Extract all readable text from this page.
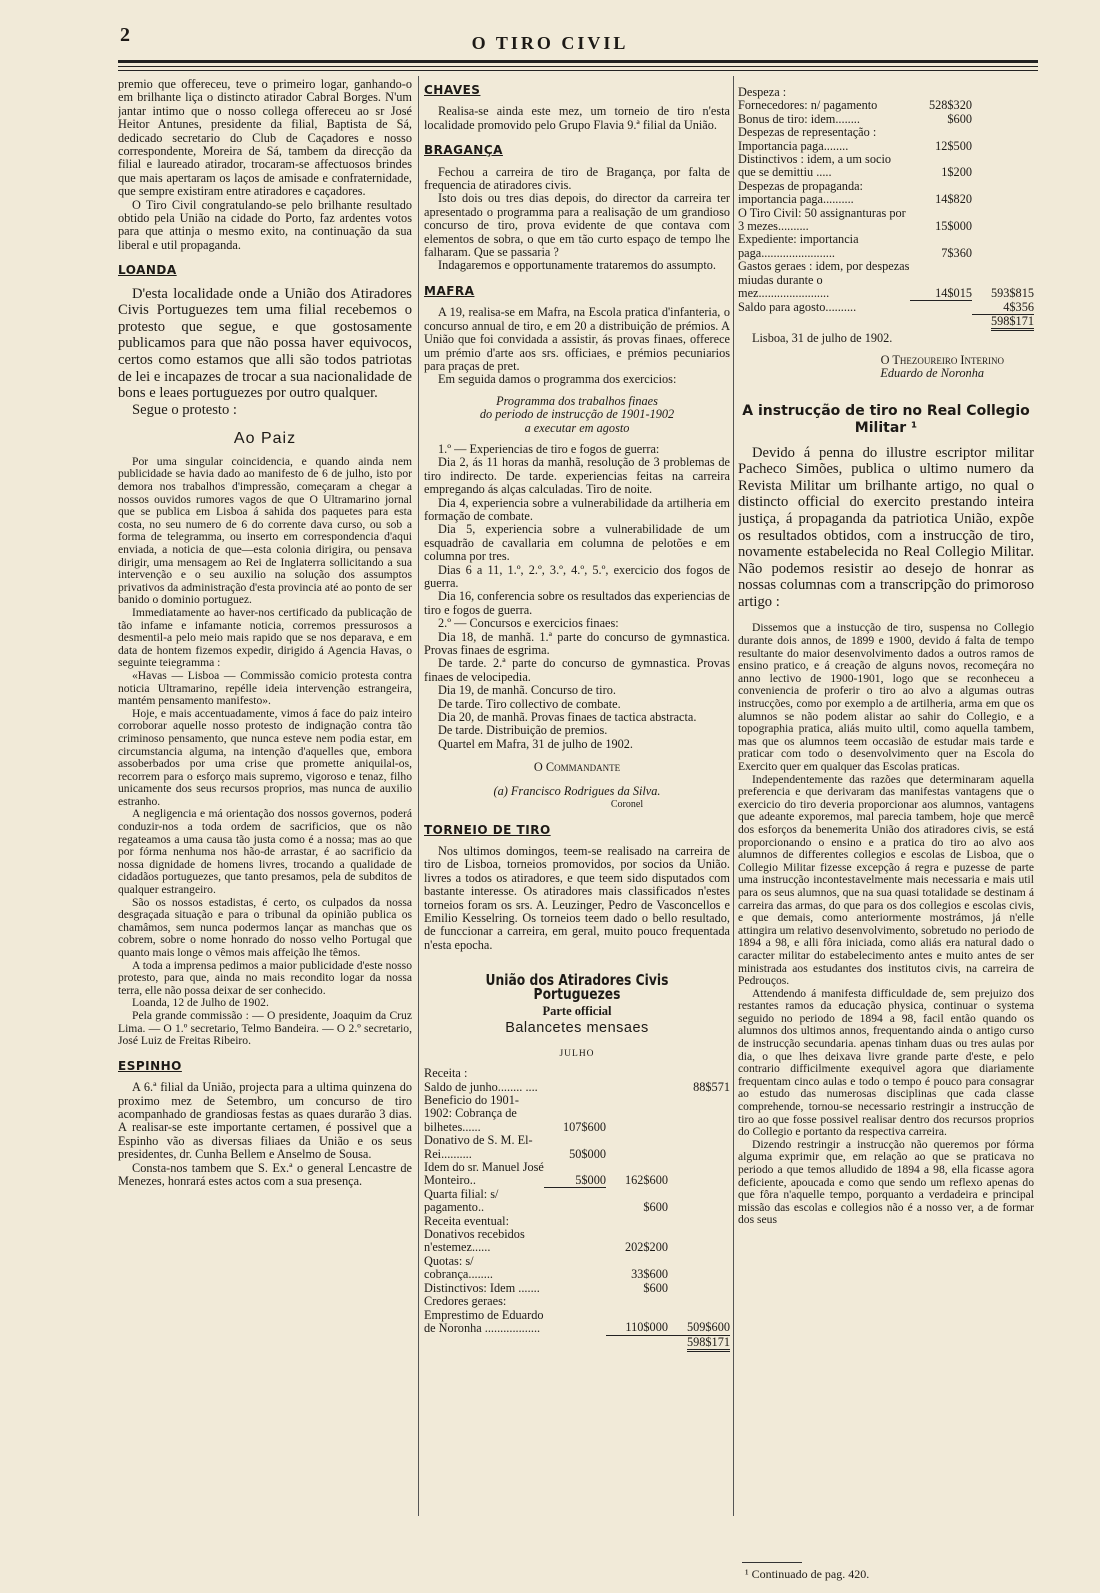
2	O TIRO CIVIL

premio que offereceu, teve o primeiro logar, ganhando-o em brilhante liça o distincto atirador Cabral Borges. N'um jantar intimo que o nosso collega offereceu ao sr José Heitor Antunes, presidente da filial, Baptista de Sá, dedicado secretario do Club de Caçadores e nosso correspondente, Moreira de Sá, tambem da direcção da filial e laureado atirador, trocaram-se affectuosos brindes que mais apertaram os laços de amisade e confraternidade, que sempre existiram entre atiradores e caçadores.

O Tiro Civil congratulando-se pelo brilhante resultado obtido pela União na cidade do Porto, faz ardentes votos para que attinja o mesmo exito, na continuação da sua liberal e util propaganda.

LOANDA

D'esta localidade onde a União dos Atiradores Civis Portuguezes tem uma filial recebemos o protesto que segue, e que gostosamente publicamos para que não possa haver equivocos, certos como estamos que alli são todos patriotas de lei e incapazes de trocar a sua nacionalidade de bons e leaes portuguezes por outro qualquer.

Segue o protesto :

Ao Paiz

Por uma singular coincidencia, e quando ainda nem publicidade se havia dado ao manifesto de 6 de julho, isto por demora nos trabalhos d'impressão, começaram a chegar a nossos ouvidos rumores vagos de que O Ultramarino jornal que se publica em Lisboa á sahida dos paquetes para esta costa, no seu numero de 6 do corrente dava curso, ou sob a forma de telegramma, ou inserto em correspondencia d'aqui enviada, a noticia de que—esta colonia dirigira, ou pensava dirigir, uma mensagem ao Rei de Inglaterra sollicitando a sua intervenção e o seu auxilio na solução dos assumptos privativos da administração d'esta provincia até ao ponto de ser banido o dominio portuguez.

Immediatamente ao haver-nos certificado da publicação de tão infame e infamante noticia, corremos pressurosos a desmentil-a pelo meio mais rapido que se nos deparava, e em data de hontem fizemos expedir, dirigido á Agencia Havas, o seguinte teiegramma :

«Havas — Lisboa — Commissão comicio protesta contra noticia Ultramarino, repélle ideia intervenção estrangeira, mantém pensamento manifesto».

Hoje, e mais accentuadamente, vimos á face do paiz inteiro corroborar aquelle nosso protesto de indignação contra tão criminoso pensamento, que nunca esteve nem podia estar, em circumstancia alguma, na intenção d'aquelles que, embora assoberbados por uma crise que promette aniquilal-os, recorrem para o esforço mais supremo, vigoroso e tenaz, filho unicamente dos seus recursos proprios, mas nunca de auxilio estranho.

A negligencia e má orientação dos nossos governos, poderá conduzir-nos a toda ordem de sacrificios, que os não regateamos a uma causa tão justa como é a nossa; mas ao que por fórma nenhuma nos hão-de arrastar, é ao sacrificio da nossa dignidade de homens livres, trocando a qualidade de cidadãos portuguezes, que tanto presamos, pela de subditos de qualquer estrangeiro.

São os nossos estadistas, é certo, os culpados da nossa desgraçada situação e para o tribunal da opinião publica os chamâmos, sem nunca podermos lançar as manchas que os cobrem, sobre o nome honrado do nosso velho Portugal que quanto mais longe o vêmos mais affeição lhe têmos.

A toda a imprensa pedimos a maior publicidade d'este nosso protesto, para que, ainda no mais recondito logar da nossa terra, elle não possa deixar de ser conhecido.

Loanda, 12 de Julho de 1902.

Pela grande commissão : — O presidente, Joaquim da Cruz Lima. — O 1.º secretario, Telmo Bandeira. — O 2.º secretario, José Luiz de Freitas Ribeiro.

ESPINHO

A 6.ª filial da União, projecta para a ultima quinzena do proximo mez de Setembro, um concurso de tiro acompanhado de grandiosas festas as quaes durarão 3 dias. A realisar-se este importante certamen, é possivel que a Espinho vão as diversas filiaes da União e os seus presidentes, dr. Cunha Bellem e Anselmo de Sousa.

Consta-nos tambem que S. Ex.ª o general Lencastre de Menezes, honrará estes actos com a sua presença.

CHAVES

Realisa-se ainda este mez, um torneio de tiro n'esta localidade promovido pelo Grupo Flavia 9.ª filial da União.

BRAGANÇA

Fechou a carreira de tiro de Bragança, por falta de frequencia de atiradores civis.

Isto dois ou tres dias depois, do director da carreira ter apresentado o programma para a realisação de um grandioso concurso de tiro, prova evidente de que contava com elementos de sobra, o que em tão curto espaço de tempo lhe falharam. Que se passaria ?

Indagaremos e opportunamente trataremos do assumpto.

MAFRA

A 19, realisa-se em Mafra, na Escola pratica d'infanteria, o concurso annual de tiro, e em 20 a distribuição de prémios. A União que foi convidada a assistir, ás provas finaes, offerece um prémio d'arte aos srs. officiaes, e prémios pecuniarios para praças de pret.

Em seguida damos o programma dos exercicios:

Programma dos trabalhos finaes

do periodo de instrucção de 1901-1902

a executar em agosto

1.º — Experiencias de tiro e fogos de guerra:

Dia 2, ás 11 horas da manhã, resolução de 3 problemas de tiro indirecto. De tarde. experiencias feitas na carreira empregando ás alças calculadas. Tiro de noite.

Dia 4, experiencia sobre a vulnerabilidade da artilheria em formação de combate.

Dia 5, experiencia sobre a vulnerabilidade de um esquadrão de cavallaria em columna de pelotões e em columna por tres.

Dias 6 a 11, 1.º, 2.º, 3.º, 4.º, 5.º, exercicio dos fogos de guerra.

Dia 16, conferencia sobre os resultados das experiencias de tiro e fogos de guerra.

2.º — Concursos e exercicios finaes:

Dia 18, de manhã. 1.ª parte do concurso de gymnastica. Provas finaes de esgrima.

De tarde. 2.ª parte do concurso de gymnastica. Provas finaes de velocipedia.

Dia 19, de manhã. Concurso de tiro.

De tarde. Tiro collectivo de combate.

Dia 20, de manhã. Provas finaes de tactica abstracta.

De tarde. Distribuição de premios.

Quartel em Mafra, 31 de julho de 1902.

O Commandante

(a) Francisco Rodrigues da Silva.

Coronel

TORNEIO DE TIRO

Nos ultimos domingos, teem-se realisado na carreira de tiro de Lisboa, torneios promovidos, por socios da União. livres a todos os atiradores, e que teem sido disputados com bastante interesse. Os atiradores mais classificados n'estes torneios foram os srs. A. Leuzinger, Pedro de Vasconcellos e Emilio Kesselring. Os torneios teem dado o bello resultado, de funccionar a carreira, em geral, muito pouco frequentada n'esta epocha.

União dos Atiradores Civis Portuguezes
Parte official
Balancetes mensaes
JULHO
Receita :			
Saldo de junho........ ....			88$571
Beneficio do 1901-1902: Cobrança de bilhetes......	107$600		
Donativo de S. M. El-Rei..........	50$000		
Idem do sr. Manuel José Monteiro..	5$000	162$600	
Quarta filial: s/ pagamento..		$600	
Receita eventual: Donativos recebidos n'estemez......		202$200	
Quotas: s/ cobrança........		33$600	
Distinctivos: Idem .......		$600	
Credores geraes: Emprestimo de Eduardo de Noronha ..................		110$000	509$600
			598$171
Despeza :		
Fornecedores: n/ pagamento	528$320	
Bonus de tiro: idem........	$600	
Despezas de representação : Importancia paga........	12$500	
Distinctivos : idem, a um socio que se demittiu .....	1$200	
Despezas de propaganda: importancia paga..........	14$820	
O Tiro Civil: 50 assignanturas por 3 mezes..........	15$000	
Expediente: importancia paga........................	7$360	
Gastos geraes : idem, por despezas miudas durante o mez.......................	14$015	593$815
Saldo para agosto..........		4$356
		598$171

Lisboa, 31 de julho de 1902.

O Thezoureiro Interino

Eduardo de Noronha

A instrucção de tiro no Real Collegio Militar ¹

Devido á penna do illustre escriptor militar Pacheco Simões, publica o ultimo numero da Revista Militar um brilhante artigo, no qual o distincto official do exercito prestando inteira justiça, á propaganda da patriotica União, expõe os resultados obtidos, com a instrucção de tiro, novamente estabelecida no Real Collegio Militar. Não podemos resistir ao desejo de honrar as nossas columnas com a transcripção do primoroso artigo :

Dissemos que a instucção de tiro, suspensa no Collegio durante dois annos, de 1899 e 1900, devido á falta de tempo resultante do maior desenvolvimento dados a outros ramos de ensino pratico, e á creação de alguns novos, recomeçára no anno lectivo de 1900-1901, logo que se reconheceu a conveniencia de proferir o tiro ao alvo a algumas outras instrucções, como por exemplo a de artilheria, arma em que os alumnos se não podem alistar ao sahir do Collegio, e a topographia pratica, aliás muito ultil, como aquella tambem, mas que os alumnos teem occasião de estudar mais tarde e praticar com todo o desenvolvimento quer na Escola do Exercito quer em qualquer das Escolas praticas.

Independentemente das razões que determinaram aquella preferencia e que derivaram das manifestas vantagens que o exercicio do tiro deveria proporcionar aos alumnos, vantagens que adeante exporemos, mal parecia tambem, hoje que mercê dos esforços da benemerita União dos atiradores civis, se está proporcionando o ensino e a pratica do tiro ao alvo aos alumnos de differentes collegios e escolas de Lisboa, que o Collegio Militar fizesse excepção á regra e puzesse de parte uma instrucção incontestavelmente mais necessaria e mais util para os seus alumnos, que na sua quasi totalidade se destinam á carreira das armas, do que para os dos collegios e escolas civis, e que demais, como anteriormente mostrámos, já n'elle attingira um relativo desenvolvimento, sobretudo no periodo de 1894 a 98, e alli fôra iniciada, como aliás era natural dado o caracter militar do estabelecimento antes e muito antes de ser ministrada aos estudantes dos institutos civis, na carreira de Pedrouços.

Attendendo á manifesta difficuldade de, sem prejuizo dos restantes ramos da educação physica, continuar o systema seguido no periodo de 1894 a 98, facil então quando os alumnos dos ultimos annos, frequentando ainda o antigo curso de instrucção secundaria. apenas tinham duas ou tres aulas por dia, o que lhes deixava livre grande parte d'este, e pelo contrario difficilmente exequivel agora que diariamente frequentam cinco aulas e todo o tempo é pouco para consagrar ao estudo das numerosas disciplinas que cada classe comprehende, tornou-se necessario restringir a instrucção de tiro ao que fosse possivel realisar dentro dos recursos proprios do Collegio e portanto da respectiva carreira.

Dizendo restringir a instrucção não queremos por fórma alguma exprimir que, em relação ao que se praticava no periodo a que temos alludido de 1894 a 98, ella ficasse agora deficiente, apoucada e como que sendo um reflexo apenas do que fôra n'aquelle tempo, porquanto a verdadeira e principal missão das escolas e collegios não é a nosso ver, a de formar dos seus

¹ Continuado de pag. 420.
